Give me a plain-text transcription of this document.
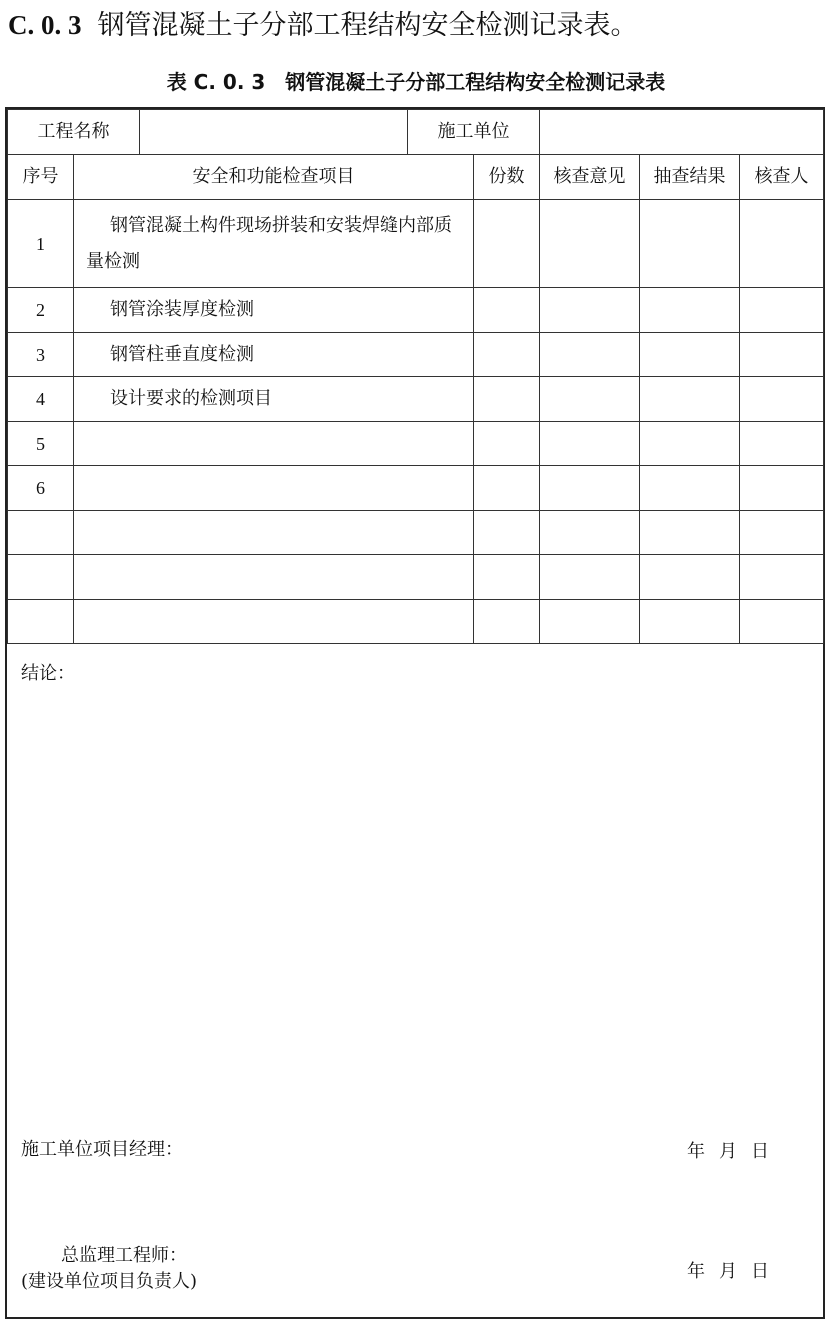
C. 0. 3 钢管混凝土子分部工程结构安全检测记录表。
表 C. 0. 3　钢管混凝土子分部工程结构安全检测记录表
工程名称			施工单位				
序号	安全和功能检查项目			份数	核查意见	抽查结果	核查人
1	钢管混凝土构件现场拼装和安装焊缝内部质量检测						
2	钢管涂装厚度检测						
3	钢管柱垂直度检测						
4	设计要求的检测项目						
5							
6							

结论：
施工单位项目经理：	年 月 日
总监理工程师：
(建设单位项目负责人)	年 月 日
